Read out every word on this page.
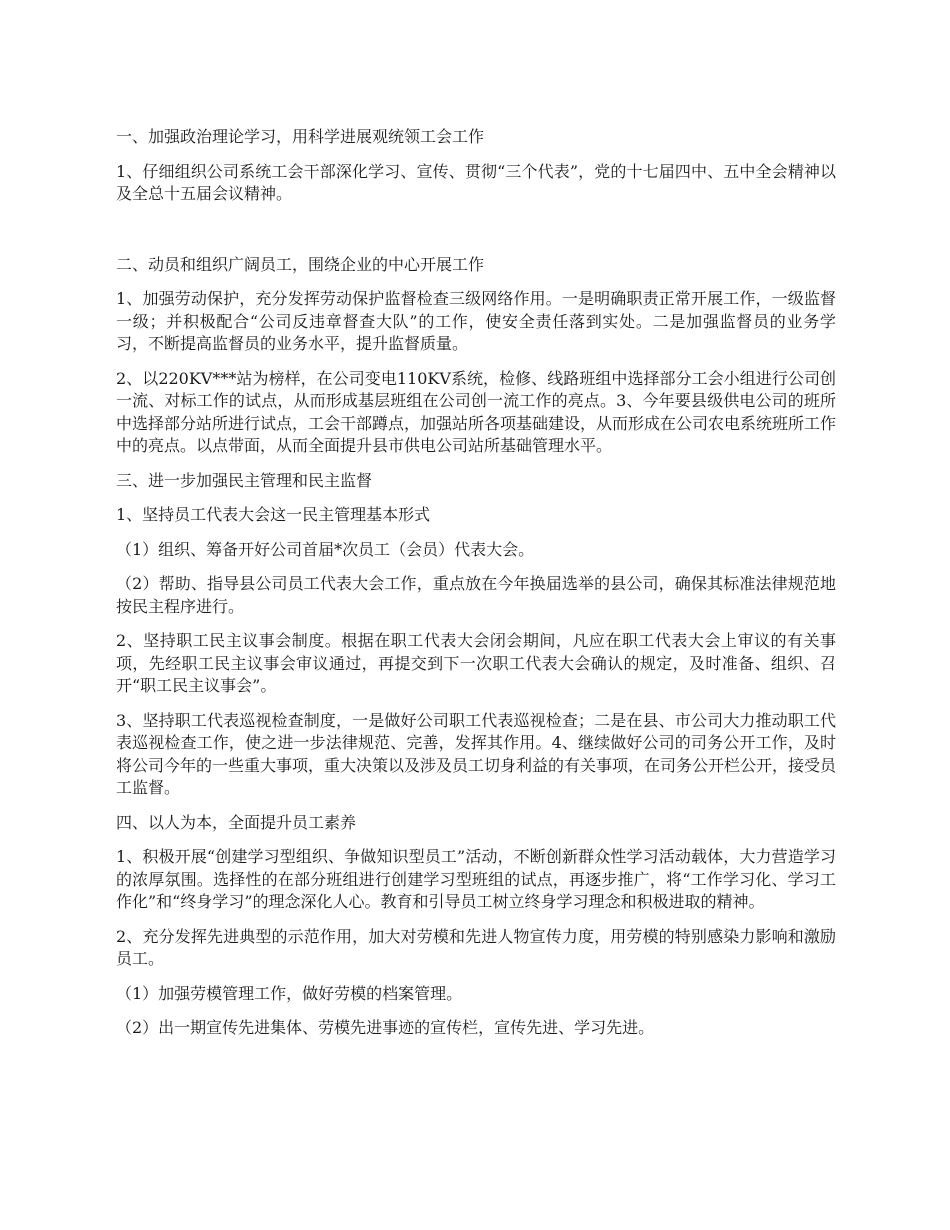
一、加强政治理论学习，用科学进展观统领工会工作

1、仔细组织公司系统工会干部深化学习、宣传、贯彻“三个代表”，党的十七届四中、五中全会精神以及全总十五届会议精神。

二、动员和组织广阔员工，围绕企业的中心开展工作

1、加强劳动保护，充分发挥劳动保护监督检查三级网络作用。一是明确职责正常开展工作，一级监督一级；并积极配合“公司反违章督查大队”的工作，使安全责任落到实处。二是加强监督员的业务学习，不断提高监督员的业务水平，提升监督质量。

2、以220KV***站为榜样，在公司变电110KV系统，检修、线路班组中选择部分工会小组进行公司创一流、对标工作的试点，从而形成基层班组在公司创一流工作的亮点。3、今年要县级供电公司的班所中选择部分站所进行试点，工会干部蹲点，加强站所各项基础建设，从而形成在公司农电系统班所工作中的亮点。以点带面，从而全面提升县市供电公司站所基础管理水平。

三、进一步加强民主管理和民主监督

1、坚持员工代表大会这一民主管理基本形式

（1）组织、筹备开好公司首届*次员工（会员）代表大会。

（2）帮助、指导县公司员工代表大会工作，重点放在今年换届选举的县公司，确保其标准法律规范地按民主程序进行。

2、坚持职工民主议事会制度。根据在职工代表大会闭会期间，凡应在职工代表大会上审议的有关事项，先经职工民主议事会审议通过，再提交到下一次职工代表大会确认的规定，及时准备、组织、召开“职工民主议事会”。

3、坚持职工代表巡视检查制度，一是做好公司职工代表巡视检查；二是在县、市公司大力推动职工代表巡视检查工作，使之进一步法律规范、完善，发挥其作用。4、继续做好公司的司务公开工作，及时将公司今年的一些重大事项，重大决策以及涉及员工切身利益的有关事项，在司务公开栏公开，接受员工监督。

四、以人为本，全面提升员工素养

1、积极开展“创建学习型组织、争做知识型员工”活动，不断创新群众性学习活动载体，大力营造学习的浓厚氛围。选择性的在部分班组进行创建学习型班组的试点，再逐步推广，将“工作学习化、学习工作化”和“终身学习”的理念深化人心。教育和引导员工树立终身学习理念和积极进取的精神。

2、充分发挥先进典型的示范作用，加大对劳模和先进人物宣传力度，用劳模的特别感染力影响和激励员工。

（1）加强劳模管理工作，做好劳模的档案管理。

（2）出一期宣传先进集体、劳模先进事迹的宣传栏，宣传先进、学习先进。
